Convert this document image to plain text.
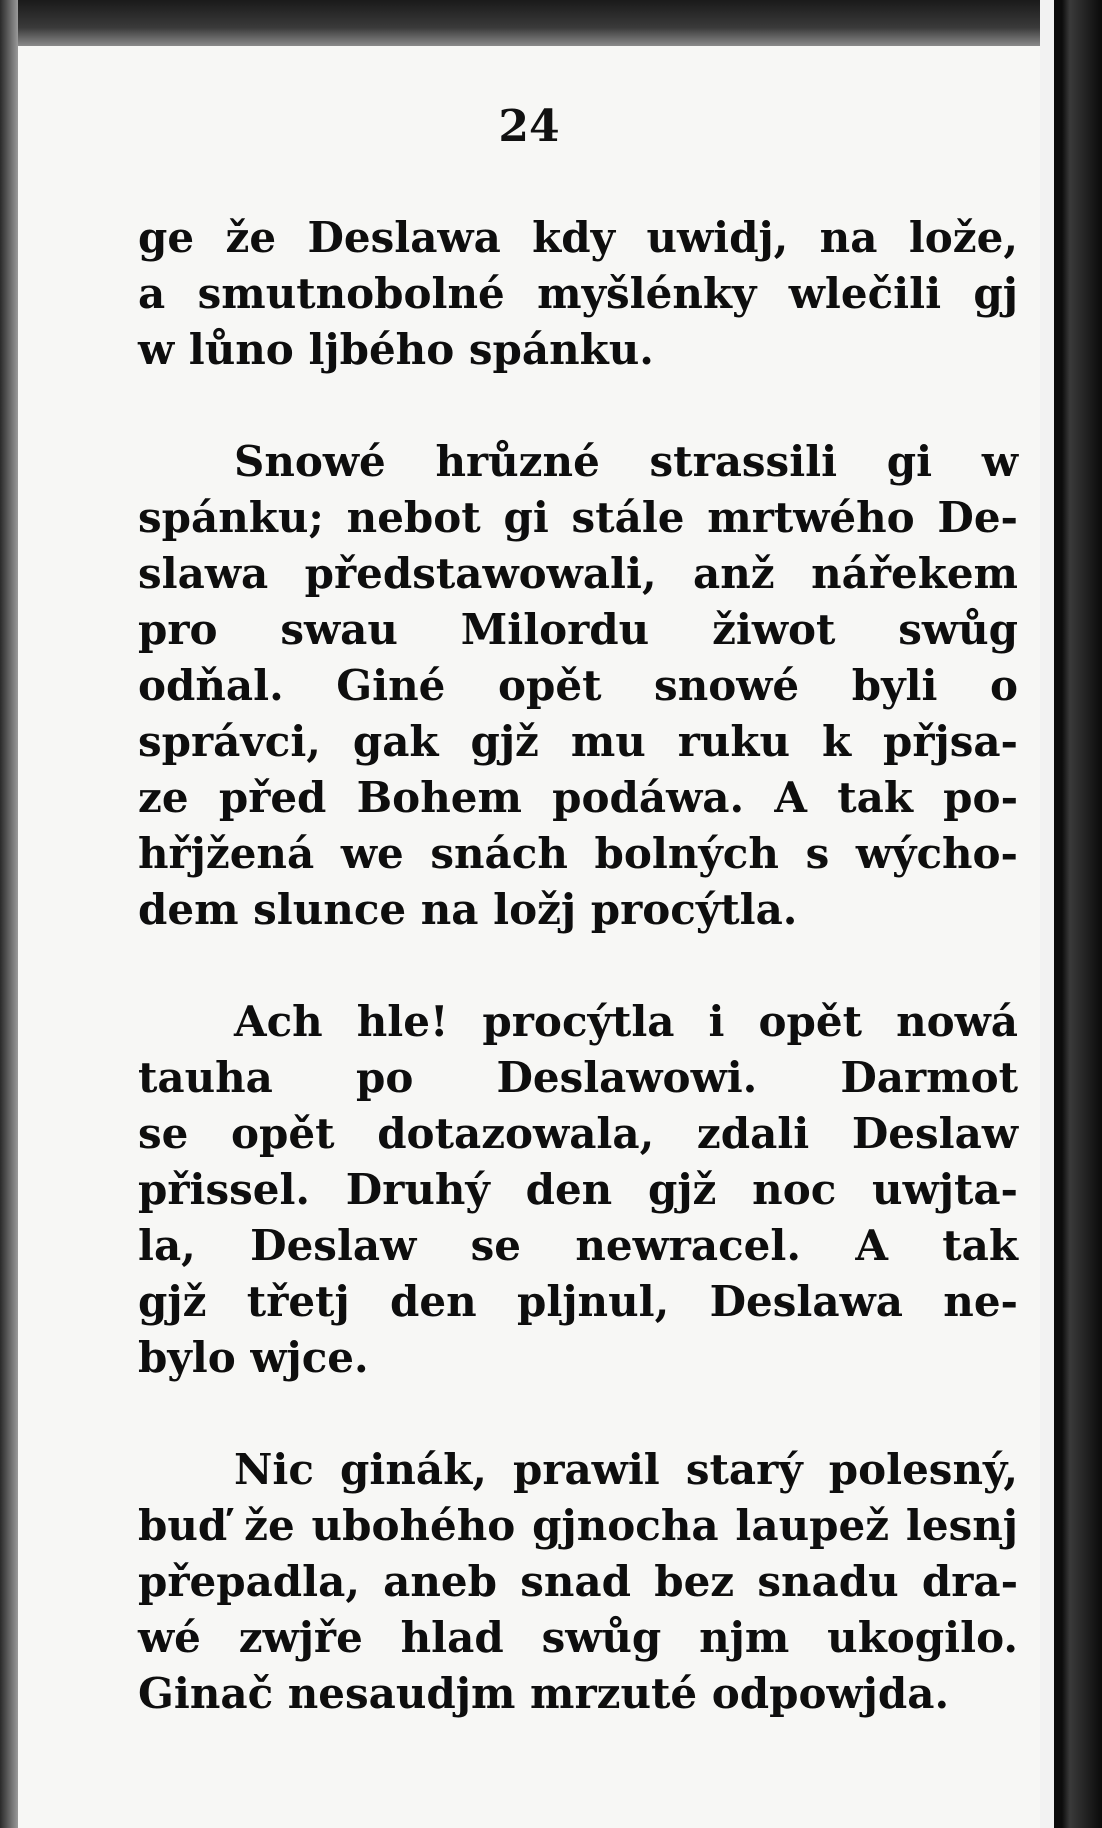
24

ge že Deslawa kdy uwidj, na lože,
a smutnobolné myšlénky wlečili gj
w lůno ljbého spánku.

Snowé hrůzné strassili gi w
spánku; nebot gi stále mrtwého De-
slawa předstawowali, anž nářekem
pro swau Milordu žiwot swůg
odňal. Giné opět snowé byli o
správci, gak gjž mu ruku k přjsa-
ze před Bohem podáwa. A tak po-
hřjžená we snách bolných s wýcho-
dem slunce na ložj procýtla.

Ach hle! procýtla i opět nowá
tauha po Deslawowi. Darmot
se opět dotazowala, zdali Deslaw
přissel. Druhý den gjž noc uwjta-
la, Deslaw se newracel. A tak
gjž třetj den pljnul, Deslawa ne-
bylo wjce.

Nic ginák, prawil starý polesný,
buď že ubohého gjnocha laupež lesnj
přepadla, aneb snad bez snadu dra-
wé zwjře hlad swůg njm ukogilo.
Ginač nesaudjm mrzuté odpowjda.
